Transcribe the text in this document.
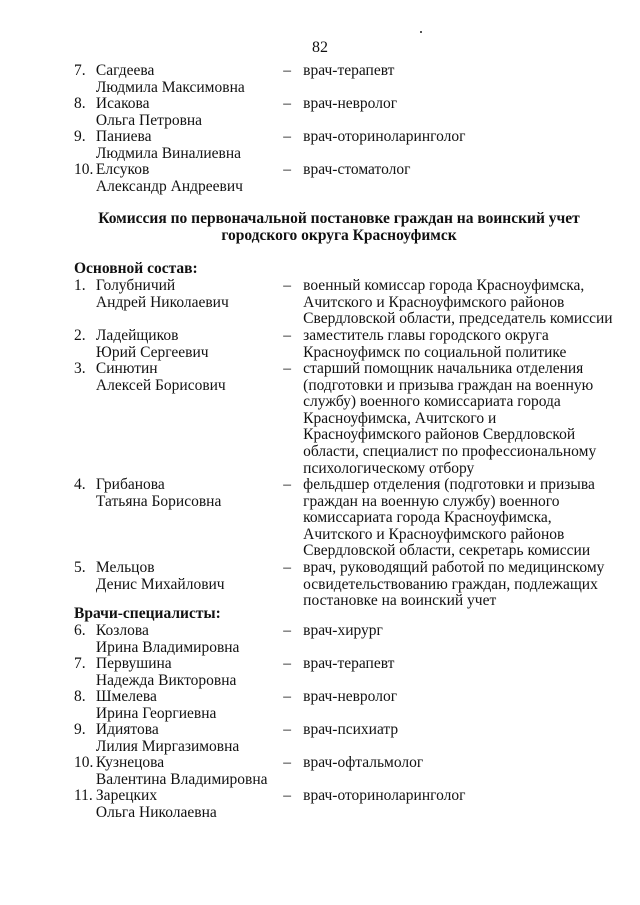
82
7. Сагдеева
Людмила Максимовна
– врач-терапевт
8. Исакова
Ольга Петровна
– врач-невролог
9. Паниева
Людмила Виналиевна
– врач-оториноларинголог
10. Елсуков
Александр Андреевич
– врач-стоматолог
Комиссия по первоначальной постановке граждан на воинский учет
городского округа Красноуфимск
Основной состав:
1. Голубничий
Андрей Николаевич
– военный комиссар города Красноуфимска,
Ачитского и Красноуфимского районов
Свердловской области, председатель комиссии
2. Ладейщиков
Юрий Сергеевич
– заместитель главы городского округа
Красноуфимск по социальной политике
3. Синютин
Алексей Борисович
– старший помощник начальника отделения
(подготовки и призыва граждан на военную
службу) военного комиссариата города
Красноуфимска, Ачитского и
Красноуфимского районов Свердловской
области, специалист по профессиональному
психологическому отбору
4. Грибанова
Татьяна Борисовна
– фельдшер отделения (подготовки и призыва
граждан на военную службу) военного
комиссариата города Красноуфимска,
Ачитского и Красноуфимского районов
Свердловской области, секретарь комиссии
5. Мельцов
Денис Михайлович
– врач, руководящий работой по медицинскому
освидетельствованию граждан, подлежащих
постановке на воинский учет
Врачи-специалисты:
6. Козлова
Ирина Владимировна
– врач-хирург
7. Первушина
Надежда Викторовна
– врач-терапевт
8. Шмелева
Ирина Георгиевна
– врач-невролог
9. Идиятова
Лилия Миргазимовна
– врач-психиатр
10. Кузнецова
Валентина Владимировна
– врач-офтальмолог
11. Зарецких
Ольга Николаевна
– врач-оториноларинголог
